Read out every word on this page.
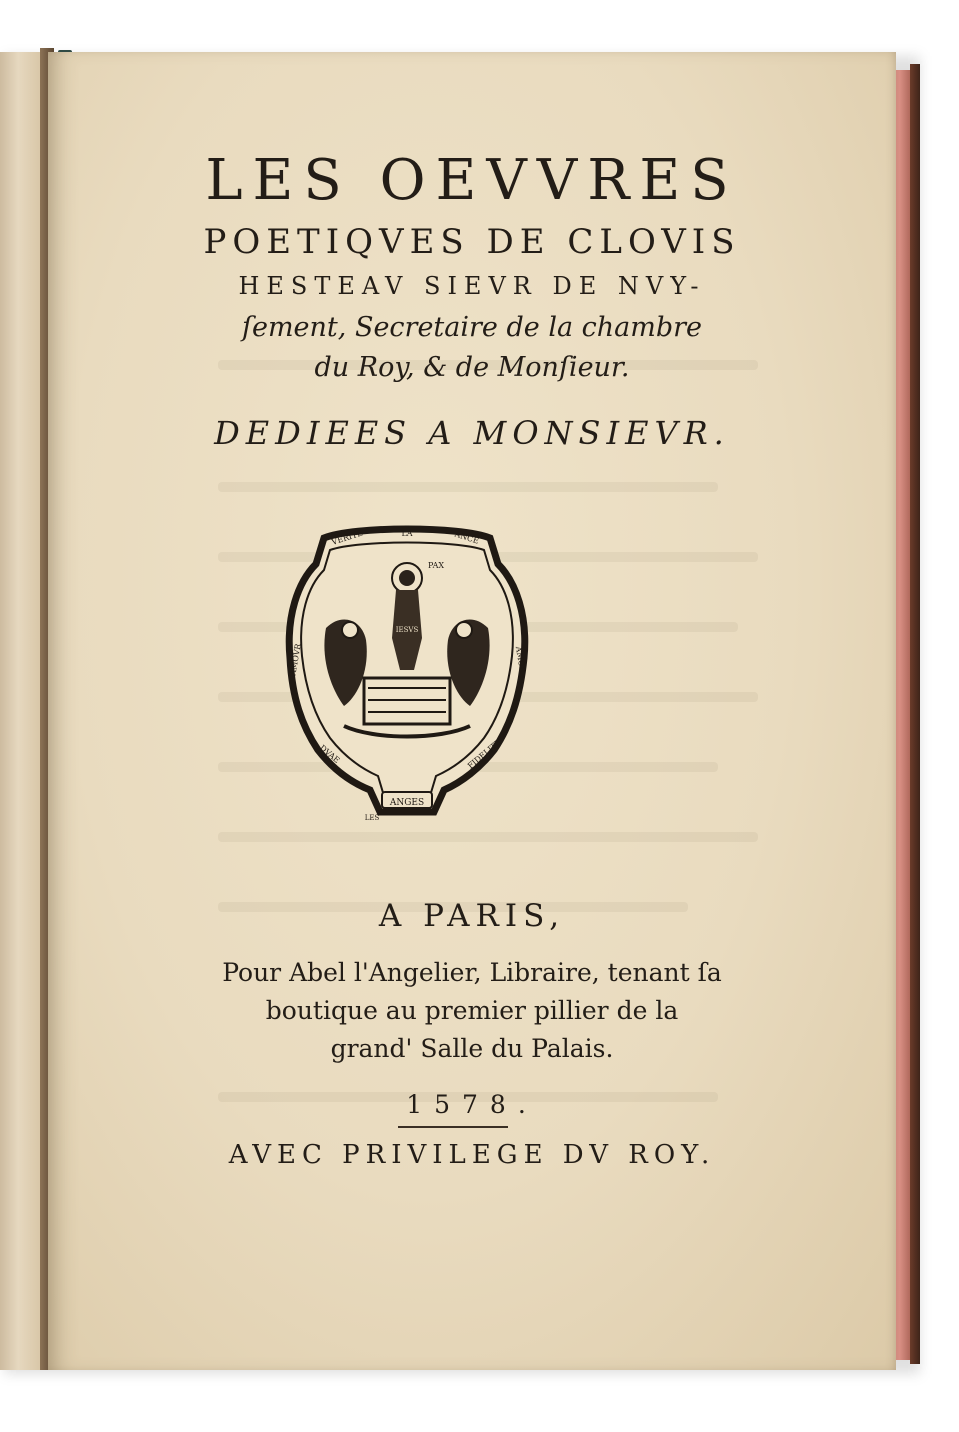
LES OEVVRES
POETIQVES DE CLOVIS
HESTEAV SIEVR DE NVY-
ſement, Secretaire de la chambre
du Roy, & de Monſieur.
DEDIEES A MONSIEVR.
ANGES
VERITE	LA	ANCE
PAX
AMOVR	AMOR
DVAE	FIDELITE
LES
IESVS
A PARIS,
Pour Abel l'Angelier, Libraire, tenant ſa
boutique au premier pillier de la
grand' Salle du Palais.
1578.
AVEC PRIVILEGE DV ROY.
